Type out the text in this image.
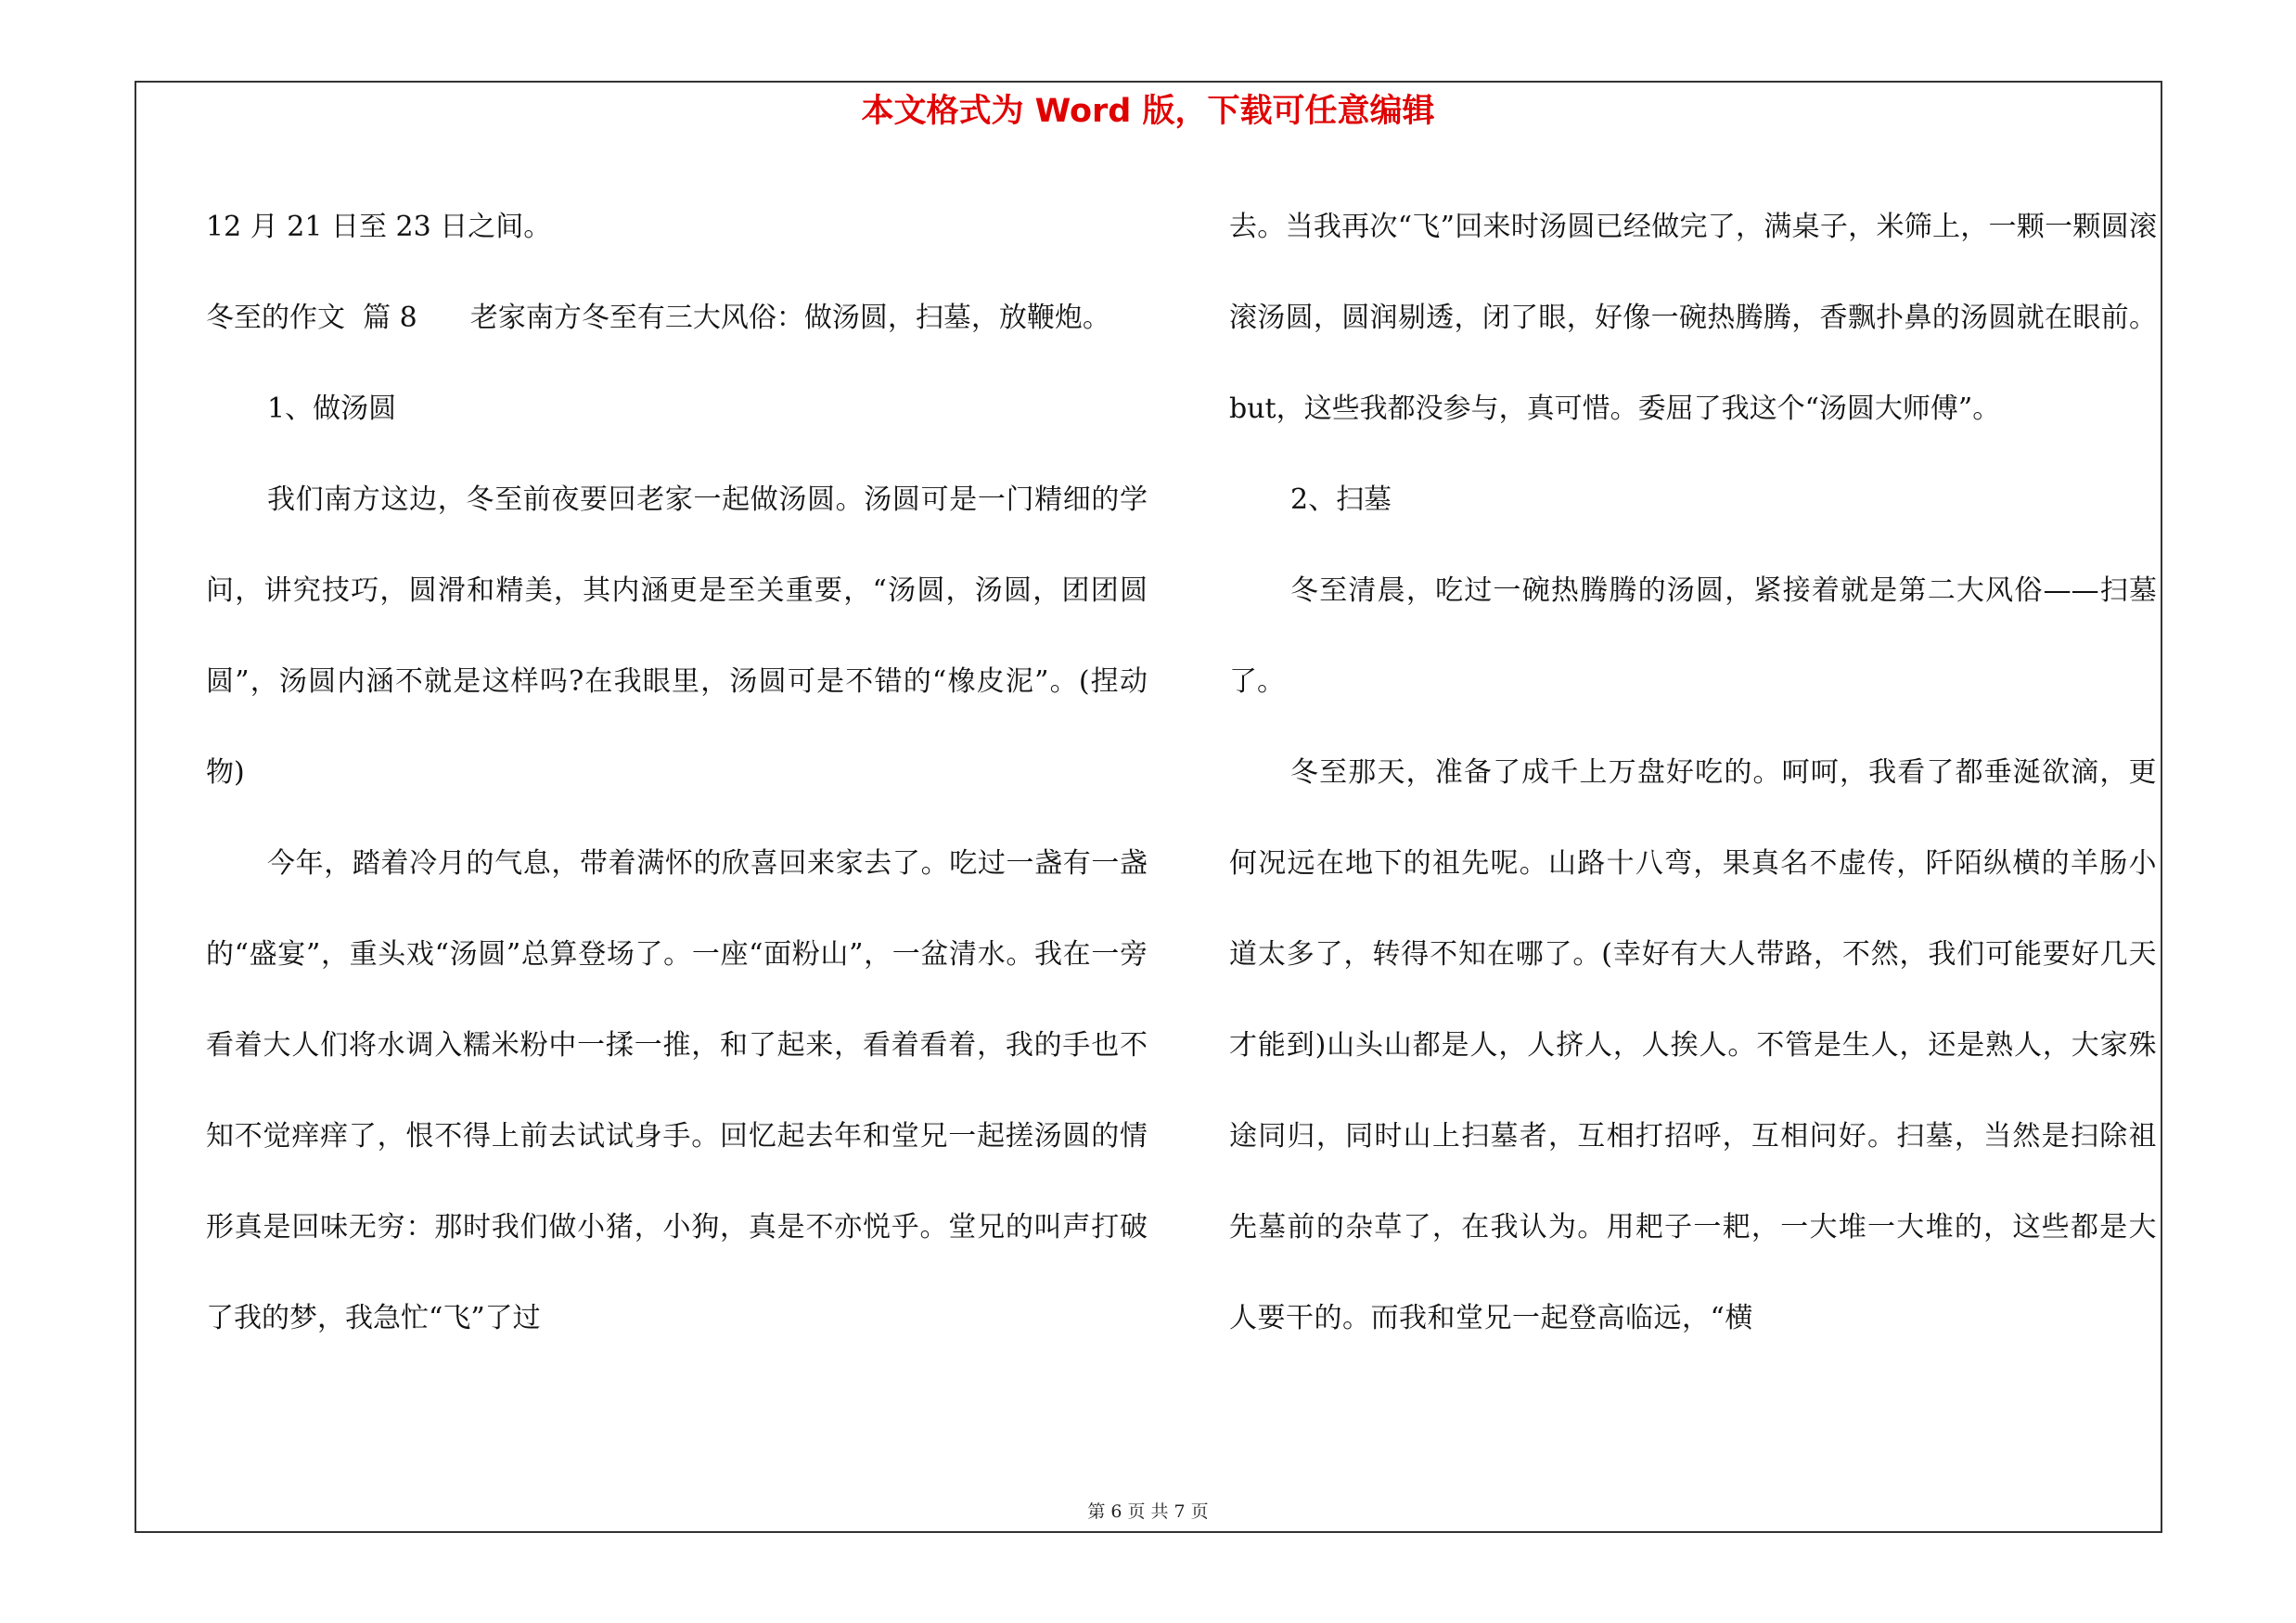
本文格式为 Word 版，下载可任意编辑

12 月 21 日至 23 日之间。

冬至的作文  篇 8      老家南方冬至有三大风俗：做汤圆，扫墓，放鞭炮。

1、做汤圆

我们南方这边，冬至前夜要回老家一起做汤圆。汤圆可是一门精细的学问，讲究技巧，圆滑和精美，其内涵更是至关重要，“汤圆，汤圆，团团圆圆”，汤圆内涵不就是这样吗?在我眼里，汤圆可是不错的“橡皮泥”。(捏动物)

今年，踏着冷月的气息，带着满怀的欣喜回来家去了。吃过一盏有一盏的“盛宴”，重头戏“汤圆”总算登场了。一座“面粉山”，一盆清水。我在一旁看着大人们将水调入糯米粉中一揉一推，和了起来，看着看着，我的手也不知不觉痒痒了，恨不得上前去试试身手。回忆起去年和堂兄一起搓汤圆的情形真是回味无穷：那时我们做小猪，小狗，真是不亦悦乎。堂兄的叫声打破了我的梦，我急忙“飞”了过

去。当我再次“飞”回来时汤圆已经做完了，满桌子，米筛上，一颗一颗圆滚滚汤圆，圆润剔透，闭了眼，好像一碗热腾腾，香飘扑鼻的汤圆就在眼前。but，这些我都没参与，真可惜。委屈了我这个“汤圆大师傅”。

2、扫墓

冬至清晨，吃过一碗热腾腾的汤圆，紧接着就是第二大风俗——扫墓了。

冬至那天，准备了成千上万盘好吃的。呵呵，我看了都垂涎欲滴，更何况远在地下的祖先呢。山路十八弯，果真名不虚传，阡陌纵横的羊肠小道太多了，转得不知在哪了。(幸好有大人带路，不然，我们可能要好几天才能到)山头山都是人，人挤人，人挨人。不管是生人，还是熟人，大家殊途同归，同时山上扫墓者，互相打招呼，互相问好。扫墓，当然是扫除祖先墓前的杂草了，在我认为。用耙子一耙，一大堆一大堆的，这些都是大人要干的。而我和堂兄一起登高临远，“横

第 6 页 共 7 页
